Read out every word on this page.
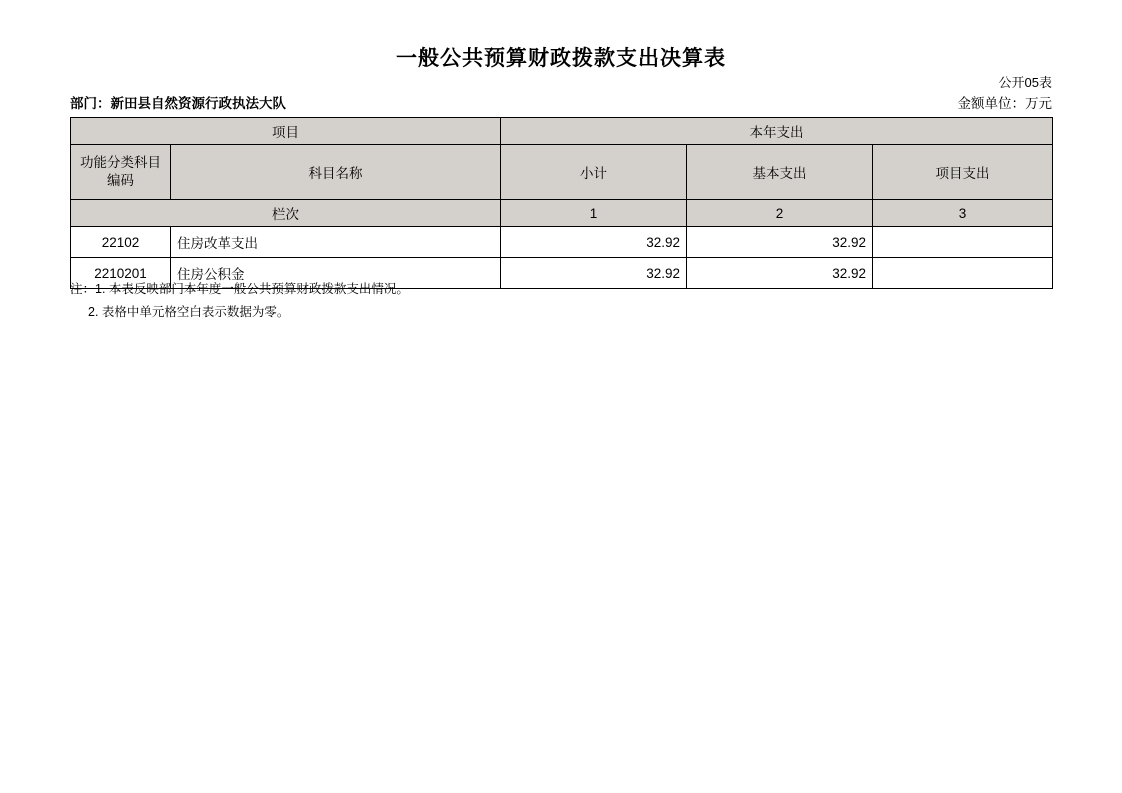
一般公共预算财政拨款支出决算表
公开05表
部门：新田县自然资源行政执法大队	金额单位：万元
项目		本年支出		

功能分类科目
编码	科目名称	小计	基本支出	项目支出
栏次		1	2	3
22102	住房改革支出	32.92	32.92	
2210201	住房公积金	32.92	32.92	
注：1. 本表反映部门本年度一般公共预算财政拨款支出情况。
2. 表格中单元格空白表示数据为零。
